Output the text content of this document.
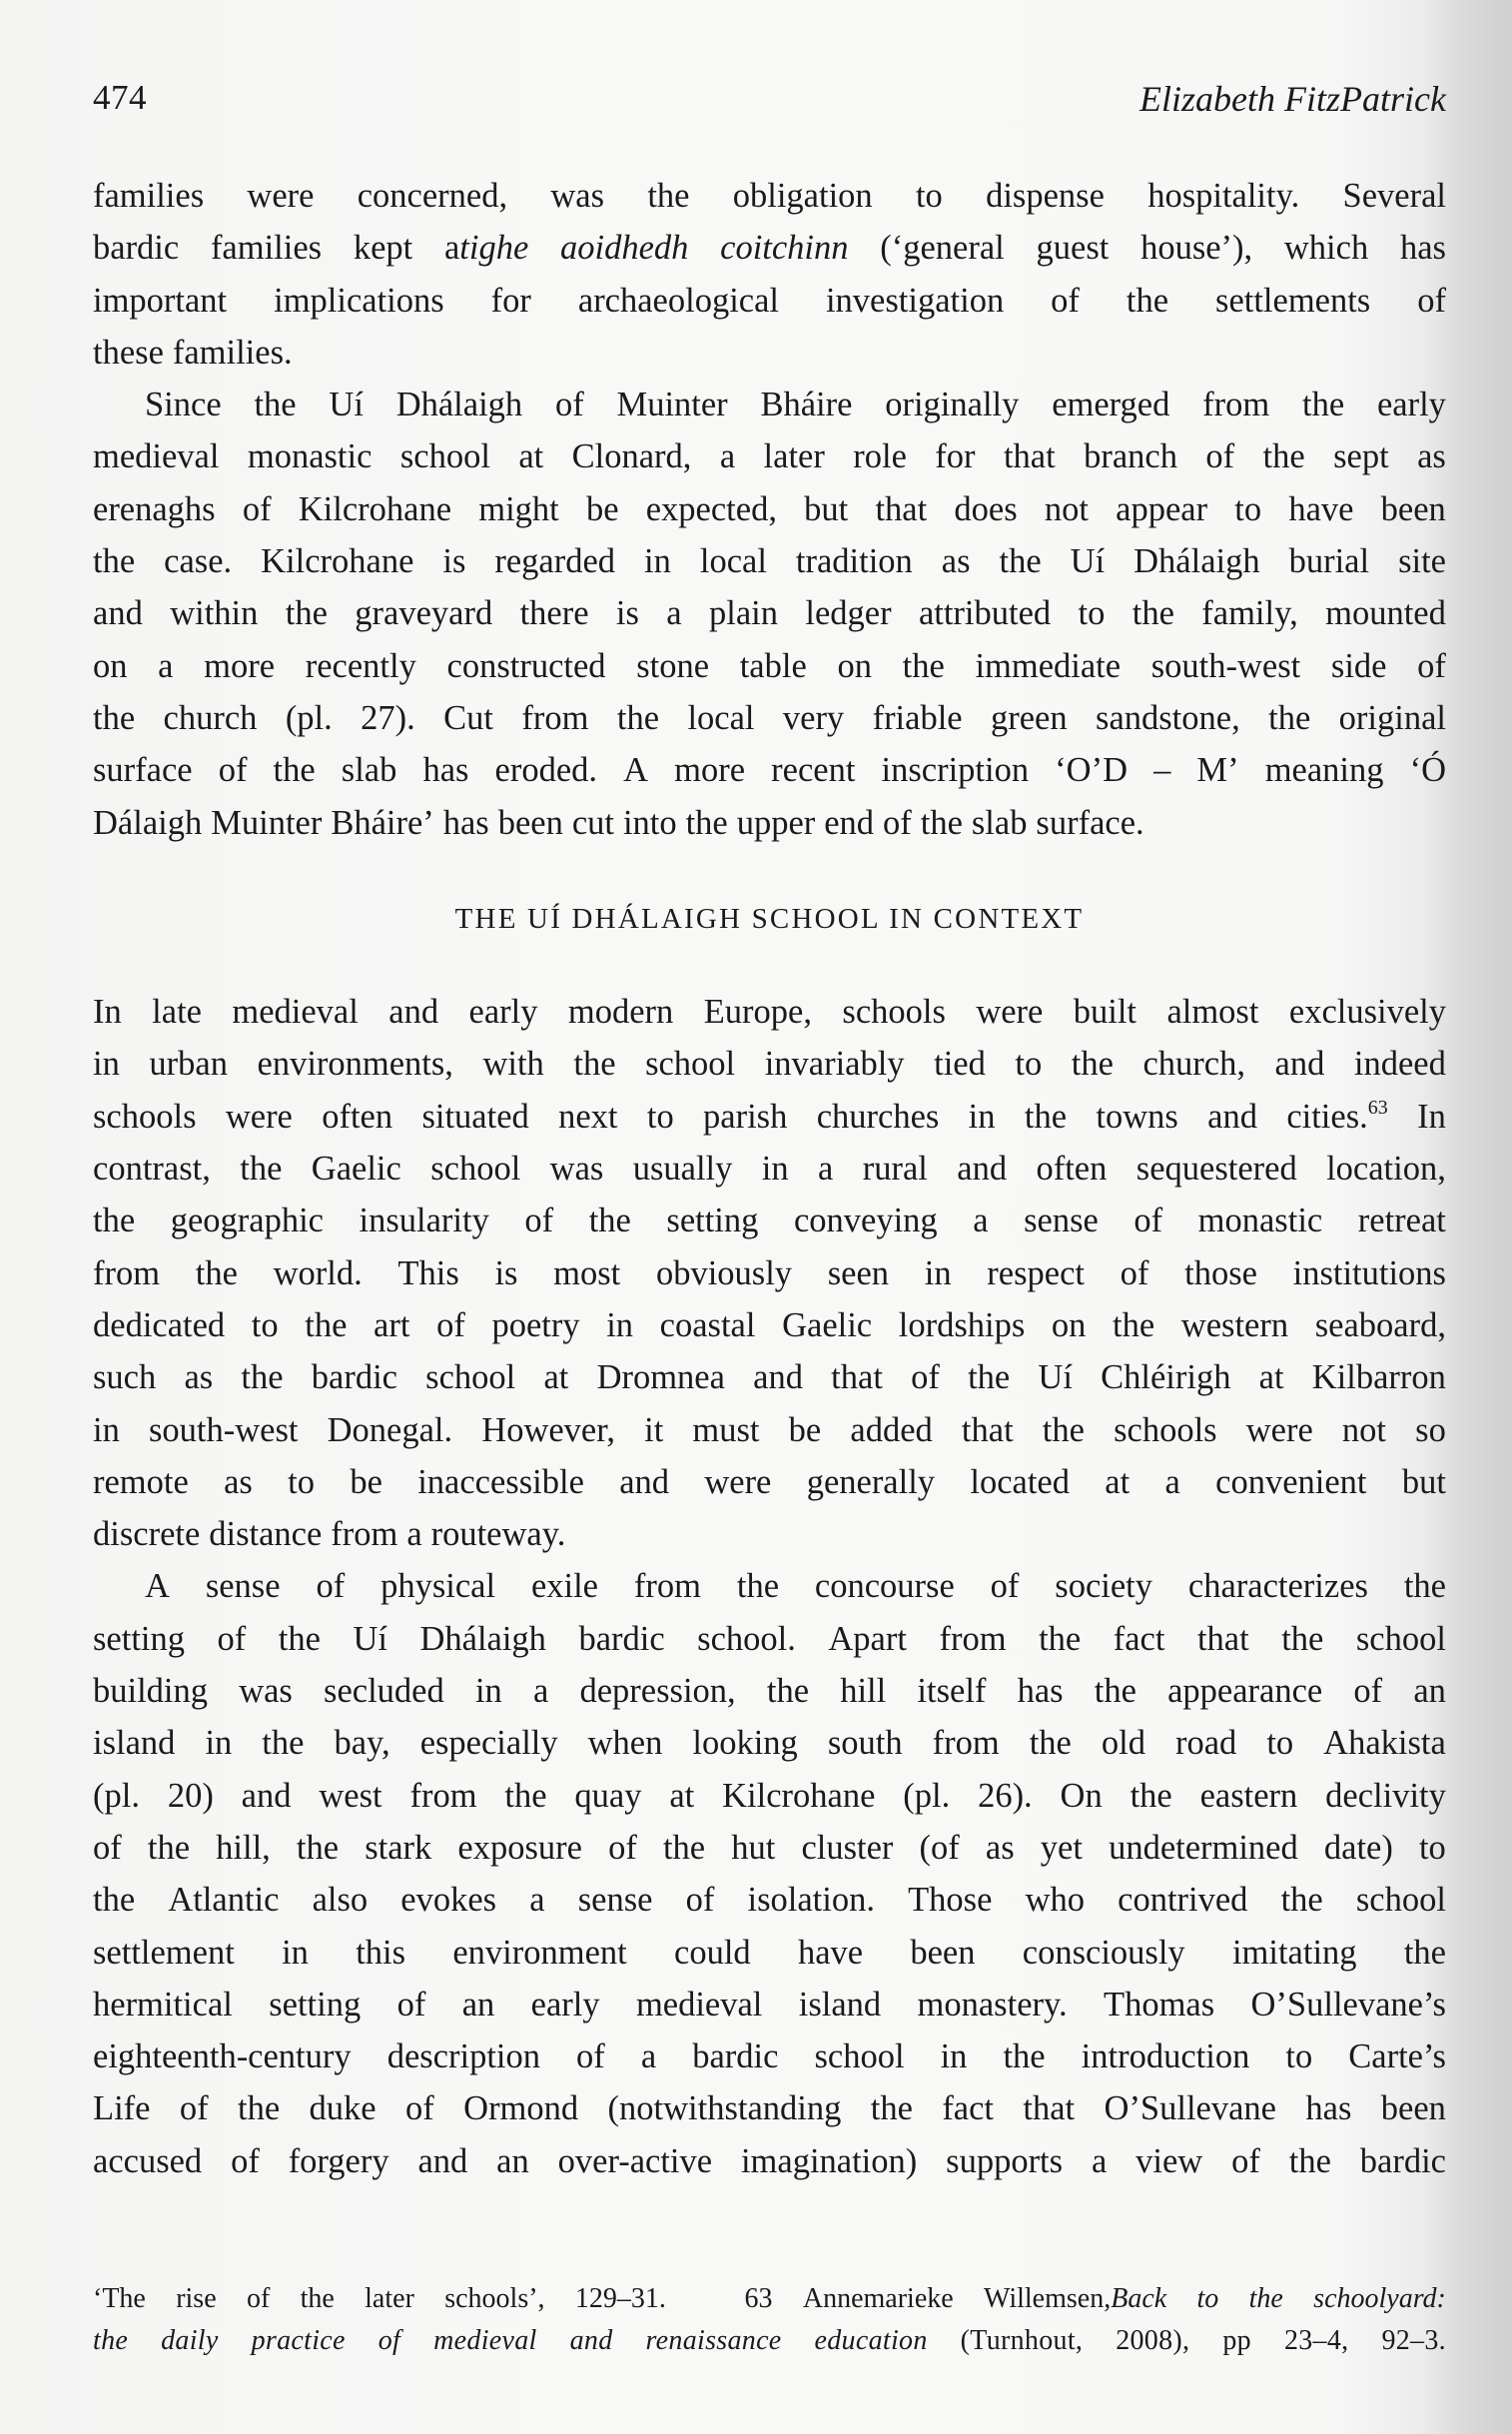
474	Elizabeth FitzPatrick
families were concerned, was the obligation to dispense hospitality. Several
bardic families kept atighe aoidhedh coitchinn (‘general guest house’), which has
important implications for archaeological investigation of the settlements of
these families.
Since the Uí Dhálaigh of Muinter Bháire originally emerged from the early
medieval monastic school at Clonard, a later role for that branch of the sept as
erenaghs of Kilcrohane might be expected, but that does not appear to have been
the case. Kilcrohane is regarded in local tradition as the Uí Dhálaigh burial site
and within the graveyard there is a plain ledger attributed to the family, mounted
on a more recently constructed stone table on the immediate south-west side of
the church (pl. 27). Cut from the local very friable green sandstone, the original
surface of the slab has eroded. A more recent inscription ‘O’D – M’ meaning ‘Ó
Dálaigh Muinter Bháire’ has been cut into the upper end of the slab surface.
THE UÍ DHÁLAIGH SCHOOL IN CONTEXT
In late medieval and early modern Europe, schools were built almost exclusively
in urban environments, with the school invariably tied to the church, and indeed
schools were often situated next to parish churches in the towns and cities.$^{63}$ In
contrast, the Gaelic school was usually in a rural and often sequestered location,
the geographic insularity of the setting conveying a sense of monastic retreat
from the world. This is most obviously seen in respect of those institutions
dedicated to the art of poetry in coastal Gaelic lordships on the western seaboard,
such as the bardic school at Dromnea and that of the Uí Chléirigh at Kilbarron
in south-west Donegal. However, it must be added that the schools were not so
remote as to be inaccessible and were generally located at a convenient but
discrete distance from a routeway.
A sense of physical exile from the concourse of society characterizes the
setting of the Uí Dhálaigh bardic school. Apart from the fact that the school
building was secluded in a depression, the hill itself has the appearance of an
island in the bay, especially when looking south from the old road to Ahakista
(pl. 20) and west from the quay at Kilcrohane (pl. 26). On the eastern declivity
of the hill, the stark exposure of the hut cluster (of as yet undetermined date) to
the Atlantic also evokes a sense of isolation. Those who contrived the school
settlement in this environment could have been consciously imitating the
hermitical setting of an early medieval island monastery. Thomas O’Sullevane’s
eighteenth-century description of a bardic school in the introduction to Carte’s
Life of the duke of Ormond (notwithstanding the fact that O’Sullevane has been
accused of forgery and an over-active imagination) supports a view of the bardic
‘The rise of the later schools’, 129–31.	63 Annemarieke Willemsen,Back to the schoolyard:
the daily practice of medieval and renaissance education (Turnhout, 2008), pp 23–4, 92–3.
